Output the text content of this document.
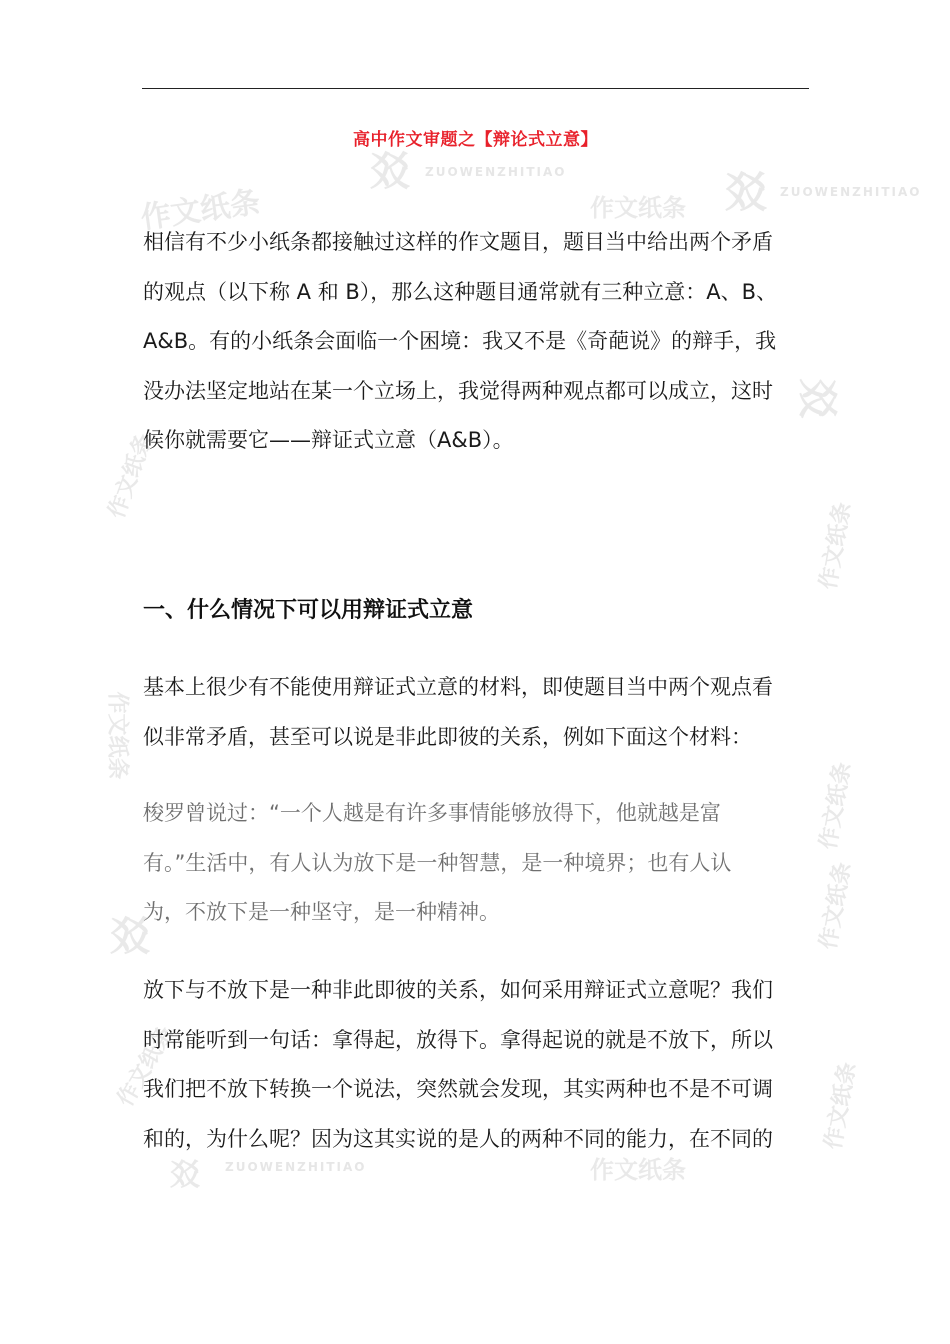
作文纸条
㸚 ZUOWENZHITIAO
作文纸条 㸚 ZUOWENZHITIAO
㸚
作文纸条
作文纸条
作文纸条
作文纸条
㸚	作文纸条
作文纸条	作文纸条
㸚 ZUOWENZHITIAO	作文纸条
高中作文审题之【辩论式立意】

相信有不少小纸条都接触过这样的作文题目，题目当中给出两个矛盾
的观点（以下称 A 和 B），那么这种题目通常就有三种立意：A、B、
A&B。有的小纸条会面临一个困境：我又不是《奇葩说》的辩手，我
没办法坚定地站在某一个立场上，我觉得两种观点都可以成立，这时
候你就需要它——辩证式立意（A&B）。

一、什么情况下可以用辩证式立意

基本上很少有不能使用辩证式立意的材料，即使题目当中两个观点看
似非常矛盾，甚至可以说是非此即彼的关系，例如下面这个材料：

梭罗曾说过：“一个人越是有许多事情能够放得下，他就越是富
有。”生活中，有人认为放下是一种智慧，是一种境界；也有人认
为，不放下是一种坚守，是一种精神。

放下与不放下是一种非此即彼的关系，如何采用辩证式立意呢？我们
时常能听到一句话：拿得起，放得下。拿得起说的就是不放下，所以
我们把不放下转换一个说法，突然就会发现，其实两种也不是不可调
和的，为什么呢？因为这其实说的是人的两种不同的能力，在不同的
